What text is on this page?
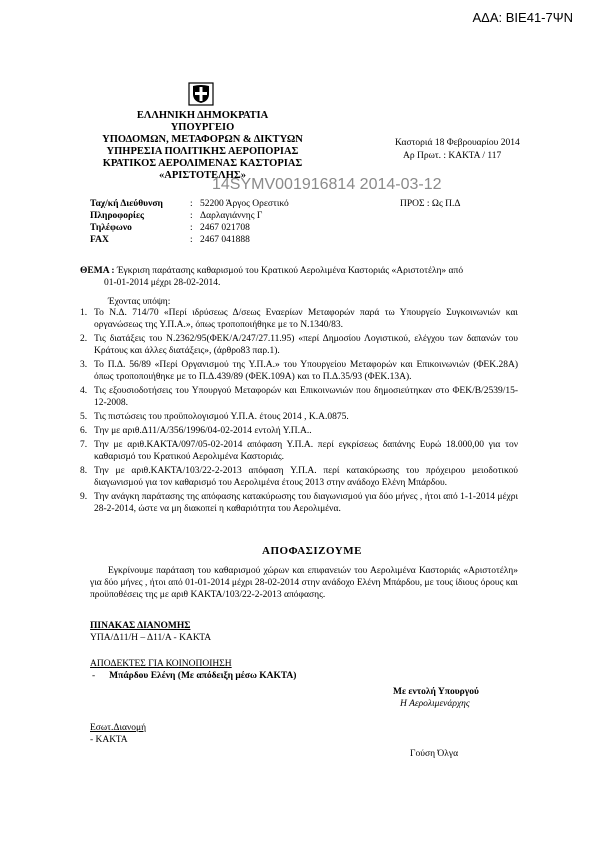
ΑΔΑ: ΒΙΕ41-7ΨΝ
ΕΛΛΗΝΙΚΗ ΔΗΜΟΚΡΑΤΙΑ
ΥΠΟΥΡΓΕΙΟ
ΥΠΟΔΟΜΩΝ, ΜΕΤΑΦΟΡΩΝ & ΔΙΚΤΥΩΝ
ΥΠΗΡΕΣΙΑ ΠΟΛΙΤΙΚΗΣ ΑΕΡΟΠΟΡΙΑΣ
ΚΡΑΤΙΚΟΣ ΑΕΡΟΛΙΜΕΝΑΣ ΚΑΣΤΟΡΙΑΣ
«ΑΡΙΣΤΟΤΕΛΗΣ»
Καστοριά 18 Φεβρουαρίου 2014
Αρ Πρωτ. : ΚΑΚΤΑ / 117
14SYMV001916814 2014-03-12
Ταχ/κή Διεύθυνση	: 52200 Άργος Ορεστικό
Πληροφορίες	: Δαρλαγιάννης Γ
Τηλέφωνο	: 2467 021708
FAX	: 2467 041888
ΠΡΟΣ : Ως Π.Δ
ΘΕΜΑ : Έγκριση παράτασης καθαρισμού του Κρατικού Αερολιμένα Καστοριάς «Αριστοτέλη» από
01-01-2014 μέχρι 28-02-2014.
Έχοντας υπόψη:
1. Το Ν.Δ. 714/70 «Περί ιδρύσεως Δ/σεως Εναερίων Μεταφορών παρά τω Υπουργείο Συγκοινωνιών και οργανώσεως της Υ.Π.Α.», όπως τροποποιήθηκε με το Ν.1340/83.
2. Τις διατάξεις του Ν.2362/95(ΦΕΚ/Α/247/27.11.95) «περί Δημοσίου Λογιστικού, ελέγχου των δαπανών του Κράτους και άλλες διατάξεις», (άρθρο83 παρ.1).
3. Το Π.Δ. 56/89 «Περί Οργανισμού της Υ.Π.Α.» του Υπουργείου Μεταφορών και Επικοινωνιών (ΦΕΚ.28Α) όπως τροποποιήθηκε με το Π.Δ.439/89 (ΦΕΚ.109Α) και το Π.Δ.35/93 (ΦΕΚ.13Α).
4. Τις εξουσιοδοτήσεις του Υπουργού Μεταφορών και Επικοινωνιών που δημοσιεύτηκαν στο ΦΕΚ/Β/2539/15-12-2008.
5. Τις πιστώσεις του προϋπολογισμού Υ.Π.Α. έτους 2014 , Κ.Α.0875.
6. Την με αριθ.Δ11/Α/356/1996/04-02-2014 εντολή Υ.Π.Α..
7. Την με αριθ.ΚΑΚΤΑ/097/05-02-2014 απόφαση Υ.Π.Α. περί εγκρίσεως δαπάνης Ευρώ 18.000,00 για τον καθαρισμό του Κρατικού Αερολιμένα Καστοριάς.
8. Την με αριθ.ΚΑΚΤΑ/103/22-2-2013 απόφαση Υ.Π.Α. περί κατακύρωσης του πρόχειρου μειοδοτικού διαγωνισμού για τον καθαρισμό του Αερολιμένα έτους 2013 στην ανάδοχο Ελένη Μπάρδου.
9. Την ανάγκη παράτασης της απόφασης κατακύρωσης του διαγωνισμού για δύο μήνες , ήτοι από 1-1-2014 μέχρι 28-2-2014, ώστε να μη διακοπεί η καθαριότητα του Αερολιμένα.
ΑΠΟΦΑΣΙΖΟΥΜΕ
Εγκρίνουμε παράταση του καθαρισμού χώρων και επιφανειών του Αερολιμένα Καστοριάς «Αριστοτέλη» για δύο μήνες , ήτοι από 01-01-2014 μέχρι 28-02-2014 στην ανάδοχο Ελένη Μπάρδου, με τους ίδιους όρους και προϋποθέσεις της με αριθ ΚΑΚΤΑ/103/22-2-2013 απόφασης.
ΠΙΝΑΚΑΣ ΔΙΑΝΟΜΗΣ
ΥΠΑ/Δ11/Η – Δ11/Α - ΚΑΚΤΑ
ΑΠΟΔΕΚΤΕΣ ΓΙΑ ΚΟΙΝΟΠΟΙΗΣΗ
- Μπάρδου Ελένη (Με απόδειξη μέσω ΚΑΚΤΑ)
Με εντολή Υπουργού
Η Αερολιμενάρχης
Εσωτ.Διανομή
- ΚΑΚΤΑ
Γούση Όλγα
